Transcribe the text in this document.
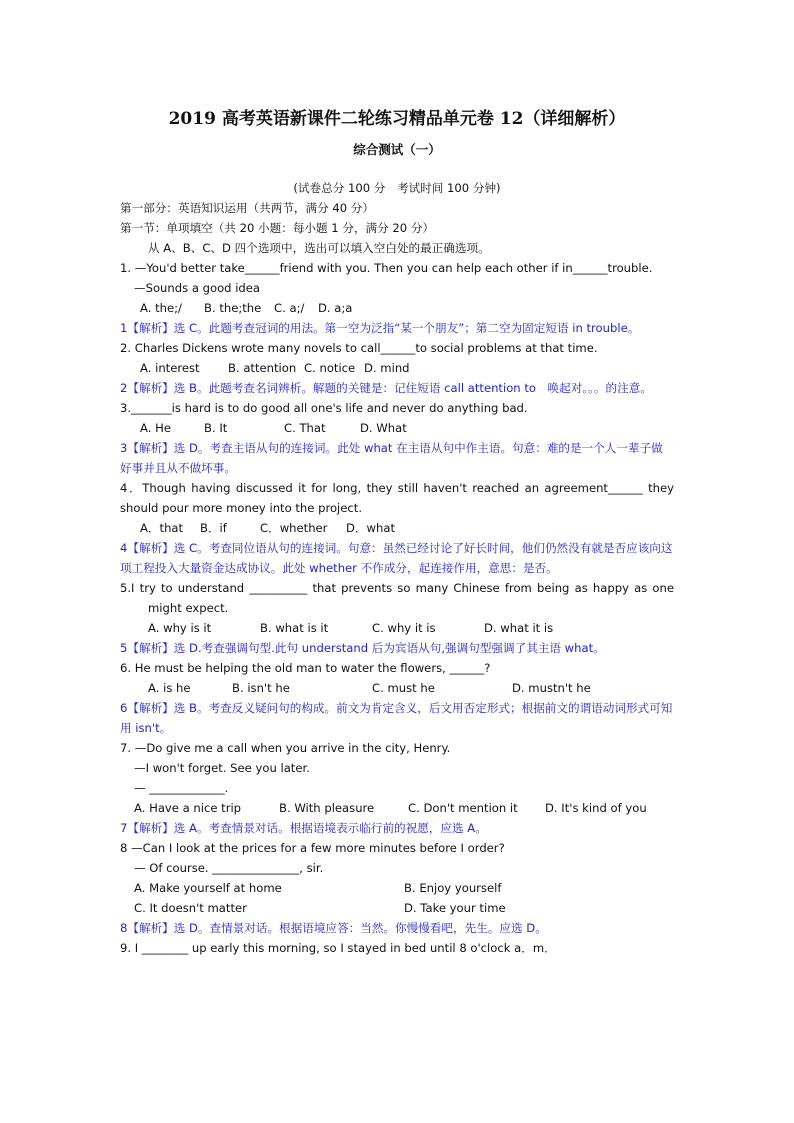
2019 高考英语新课件二轮练习精品单元卷 12（详细解析）
综合测试（一）
(试卷总分 100 分　考试时间 100 分钟)
第一部分：英语知识运用（共两节，满分 40 分）
第一节：单项填空（共 20 小题：每小题 1 分，满分 20 分）
从 A、B、C、D 四个选项中，选出可以填入空白处的最正确选项。
1. —You'd better take______friend with you. Then you can help each other if in______trouble.
—Sounds a good idea
A. the;/	B. the;the	C. a;/	D. a;a
1【解析】选 C。此题考查冠词的用法。第一空为泛指“某一个朋友”；第二空为固定短语 in trouble。
2. Charles Dickens wrote many novels to call______to social problems at that time.
A. interest	B. attention C. notice D. mind
2【解析】选 B。此题考查名词辨析。解题的关键是：记住短语 call attention to　唤起对。。。的注意。
3._______is hard is to do good all one's life and never do anything bad.
A. He	B. It	C. That	D. What
3【解析】选 D。考查主语从句的连接词。此处 what 在主语从句中作主语。句意：难的是一个人一辈子做好事并且从不做坏事。
4．Though having discussed it for long, they still haven't reached an agreement______ they
should pour more money into the project.
A．that	B．if	C．whether	D．what
4【解析】选 C。考查同位语从句的连接词。句意：虽然已经讨论了好长时间，他们仍然没有就是否应该向这项工程投入大量资金达成协议。此处 whether 不作成分，起连接作用，意思：是否。
5.I try to understand __________ that prevents so many Chinese from being as happy as one
might expect.
A. why is it	B. what is it	C. why it is	D. what it is
5【解析】选 D.考查强调句型.此句 understand 后为宾语从句,强调句型强调了其主语 what。
6. He must be helping the old man to water the flowers, ______?
A. is he	B. isn't he	C. must he	D. mustn't he
6【解析】选 B。考查反义疑问句的构成。前文为肯定含义，后文用否定形式；根据前文的谓语动词形式可知用 isn't。
7. —Do give me a call when you arrive in the city, Henry.
—I won't forget. See you later.
— _____________.
A. Have a nice trip	B. With pleasure	C. Don't mention it	D. It's kind of you
7【解析】选 A。考查情景对话。根据语境表示临行前的祝愿，应选 A。
8 —Can I look at the prices for a few more minutes before I order?
— Of course. _______________, sir.
A. Make yourself at home	B. Enjoy yourself
C. It doesn't matter	D. Take your time
8【解析】选 D。查情景对话。根据语境应答：当然。你慢慢看吧，先生。应选 D。
9. I ________ up early this morning, so I stayed in bed until 8 o'clock a．m．
